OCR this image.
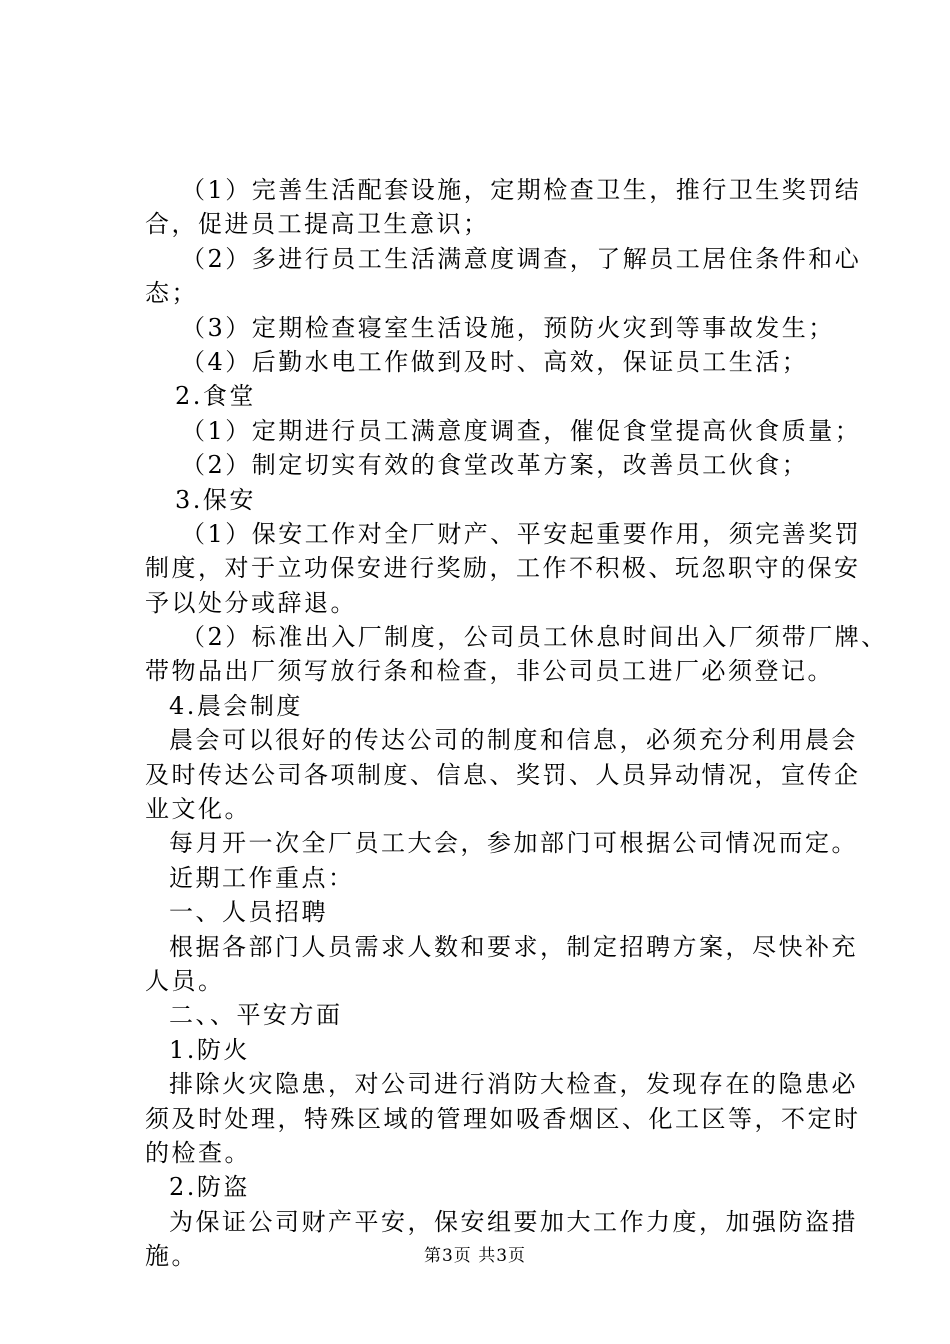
（1）完善生活配套设施，定期检查卫生，推行卫生奖罚结
合，促进员工提高卫生意识；
（2）多进行员工生活满意度调查，了解员工居住条件和心
态；
（3）定期检查寝室生活设施，预防火灾到等事故发生；
（4）后勤水电工作做到及时、高效，保证员工生活；
2.食堂
（1）定期进行员工满意度调查，催促食堂提高伙食质量；
（2）制定切实有效的食堂改革方案，改善员工伙食；
3.保安
（1）保安工作对全厂财产、平安起重要作用，须完善奖罚
制度，对于立功保安进行奖励，工作不积极、玩忽职守的保安
予以处分或辞退。
（2）标准出入厂制度，公司员工休息时间出入厂须带厂牌、
带物品出厂须写放行条和检查，非公司员工进厂必须登记。
4.晨会制度
晨会可以很好的传达公司的制度和信息，必须充分利用晨会
及时传达公司各项制度、信息、奖罚、人员异动情况，宣传企
业文化。
每月开一次全厂员工大会，参加部门可根据公司情况而定。
近期工作重点：
一、人员招聘
根据各部门人员需求人数和要求，制定招聘方案，尽快补充
人员。
二、、平安方面
1.防火
排除火灾隐患，对公司进行消防大检查，发现存在的隐患必
须及时处理，特殊区域的管理如吸香烟区、化工区等，不定时
的检查。
2.防盗
为保证公司财产平安，保安组要加大工作力度，加强防盗措
施。	第3页 共3页
